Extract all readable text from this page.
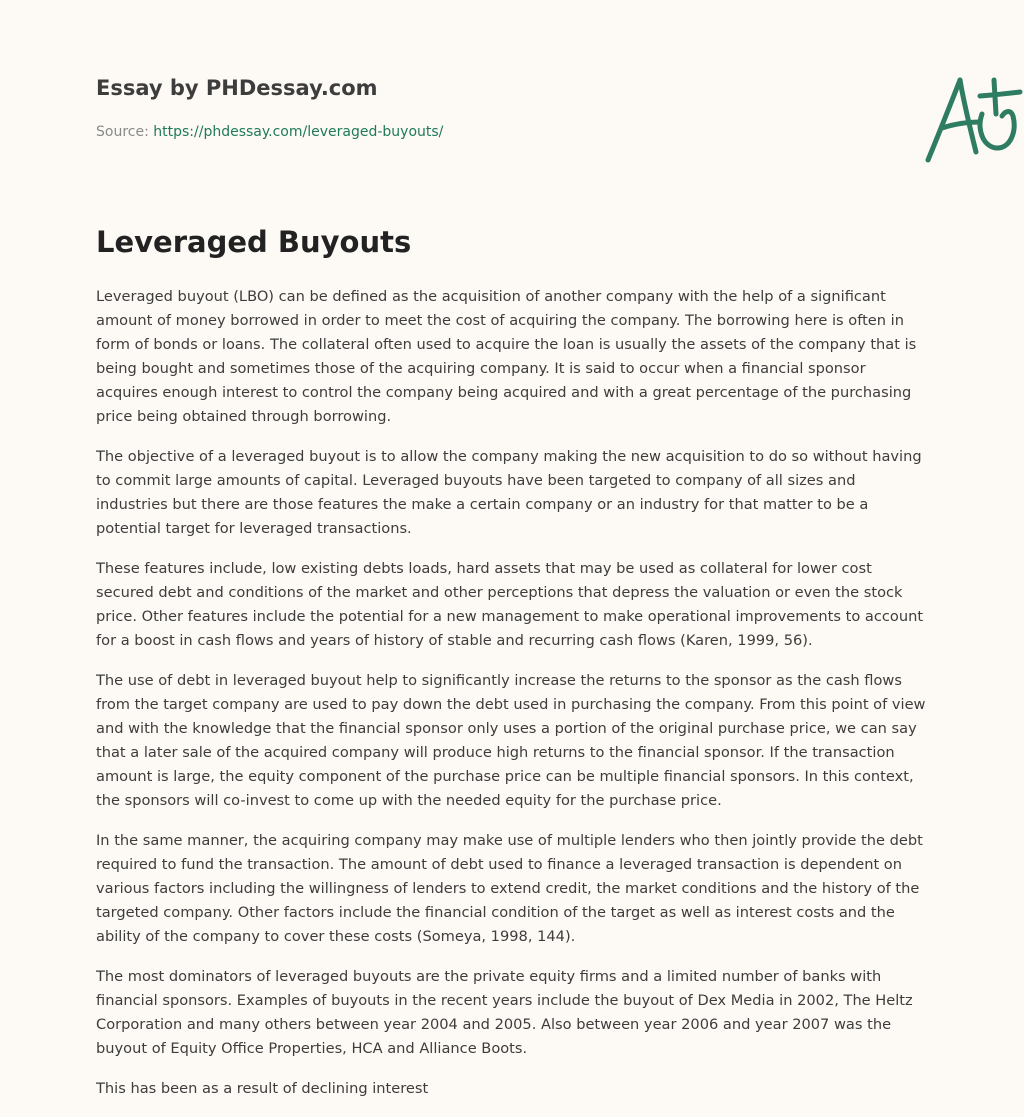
Essay by PHDessay.com
Source: https://phdessay.com/leveraged-buyouts/
Leveraged Buyouts

Leveraged buyout (LBO) can be defined as the acquisition of another company with the help of a significant amount of money borrowed in order to meet the cost of acquiring the company. The borrowing here is often in form of bonds or loans. The collateral often used to acquire the loan is usually the assets of the company that is being bought and sometimes those of the acquiring company. It is said to occur when a financial sponsor acquires enough interest to control the company being acquired and with a great percentage of the purchasing price being obtained through borrowing.

The objective of a leveraged buyout is to allow the company making the new acquisition to do so without having to commit large amounts of capital. Leveraged buyouts have been targeted to company of all sizes and industries but there are those features the make a certain company or an industry for that matter to be a potential target for leveraged transactions.

These features include, low existing debts loads, hard assets that may be used as collateral for lower cost secured debt and conditions of the market and other perceptions that depress the valuation or even the stock price. Other features include the potential for a new management to make operational improvements to account for a boost in cash flows and years of history of stable and recurring cash flows (Karen, 1999, 56).

The use of debt in leveraged buyout help to significantly increase the returns to the sponsor as the cash flows from the target company are used to pay down the debt used in purchasing the company. From this point of view and with the knowledge that the financial sponsor only uses a portion of the original purchase price, we can say that a later sale of the acquired company will produce high returns to the financial sponsor. If the transaction amount is large, the equity component of the purchase price can be multiple financial sponsors. In this context, the sponsors will co-invest to come up with the needed equity for the purchase price.

In the same manner, the acquiring company may make use of multiple lenders who then jointly provide the debt required to fund the transaction. The amount of debt used to finance a leveraged transaction is dependent on various factors including the willingness of lenders to extend credit, the market conditions and the history of the targeted company. Other factors include the financial condition of the target as well as interest costs and the ability of the company to cover these costs (Someya, 1998, 144).

The most dominators of leveraged buyouts are the private equity firms and a limited number of banks with financial sponsors. Examples of buyouts in the recent years include the buyout of Dex Media in 2002, The Heltz Corporation and many others between year 2004 and 2005. Also between year 2006 and year 2007 was the buyout of Equity Office Properties, HCA and Alliance Boots.

This has been as a result of declining interest
